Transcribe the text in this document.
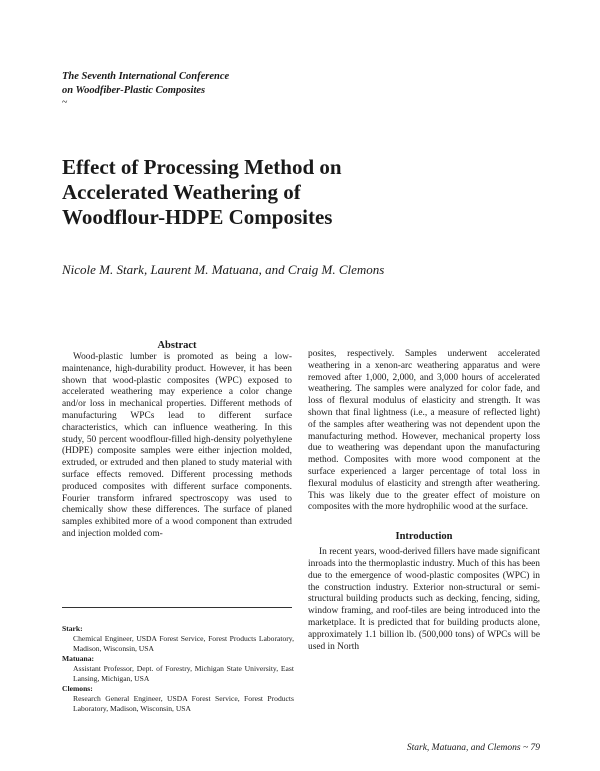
The Seventh International Conference
on Woodfiber-Plastic Composites
~
Effect of Processing Method on
Accelerated Weathering of
Woodflour-HDPE Composites
Nicole M. Stark, Laurent M. Matuana, and Craig M. Clemons
Abstract

Wood-plastic lumber is promoted as being a low-maintenance, high-durability product. However, it has been shown that wood-plastic composites (WPC) exposed to accelerated weathering may experience a color change and/or loss in mechanical properties. Different methods of manufacturing WPCs lead to different surface characteristics, which can influence weathering. In this study, 50 percent woodflour-filled high-density polyethylene (HDPE) composite samples were either injection molded, extruded, or extruded and then planed to study material with surface effects removed. Different processing methods produced composites with different surface components. Fourier transform infrared spectroscopy was used to chemically show these differences. The surface of planed samples exhibited more of a wood component than extruded and injection molded com-

posites, respectively. Samples underwent accelerated weathering in a xenon-arc weathering apparatus and were removed after 1,000, 2,000, and 3,000 hours of accelerated weathering. The samples were analyzed for color fade, and loss of flexural modulus of elasticity and strength. It was shown that final lightness (i.e., a measure of reflected light) of the samples after weathering was not dependent upon the manufacturing method. However, mechanical property loss due to weathering was dependant upon the manufacturing method. Composites with more wood component at the surface experienced a larger percentage of total loss in flexural modulus of elasticity and strength after weathering. This was likely due to the greater effect of moisture on composites with the more hydrophilic wood at the surface.

Introduction

In recent years, wood-derived fillers have made significant inroads into the thermoplastic industry. Much of this has been due to the emergence of wood-plastic composites (WPC) in the construction industry. Exterior non-structural or semi-structural building products such as decking, fencing, siding, window framing, and roof-tiles are being introduced into the marketplace. It is predicted that for building products alone, approximately 1.1 billion lb. (500,000 tons) of WPCs will be used in North

Stark:
Chemical Engineer, USDA Forest Service, Forest Products Laboratory, Madison, Wisconsin, USA
Matuana:
Assistant Professor, Dept. of Forestry, Michigan State University, East Lansing, Michigan, USA
Clemons:
Research General Engineer, USDA Forest Service, Forest Products Laboratory, Madison, Wisconsin, USA
Stark, Matuana, and Clemons ~ 79
